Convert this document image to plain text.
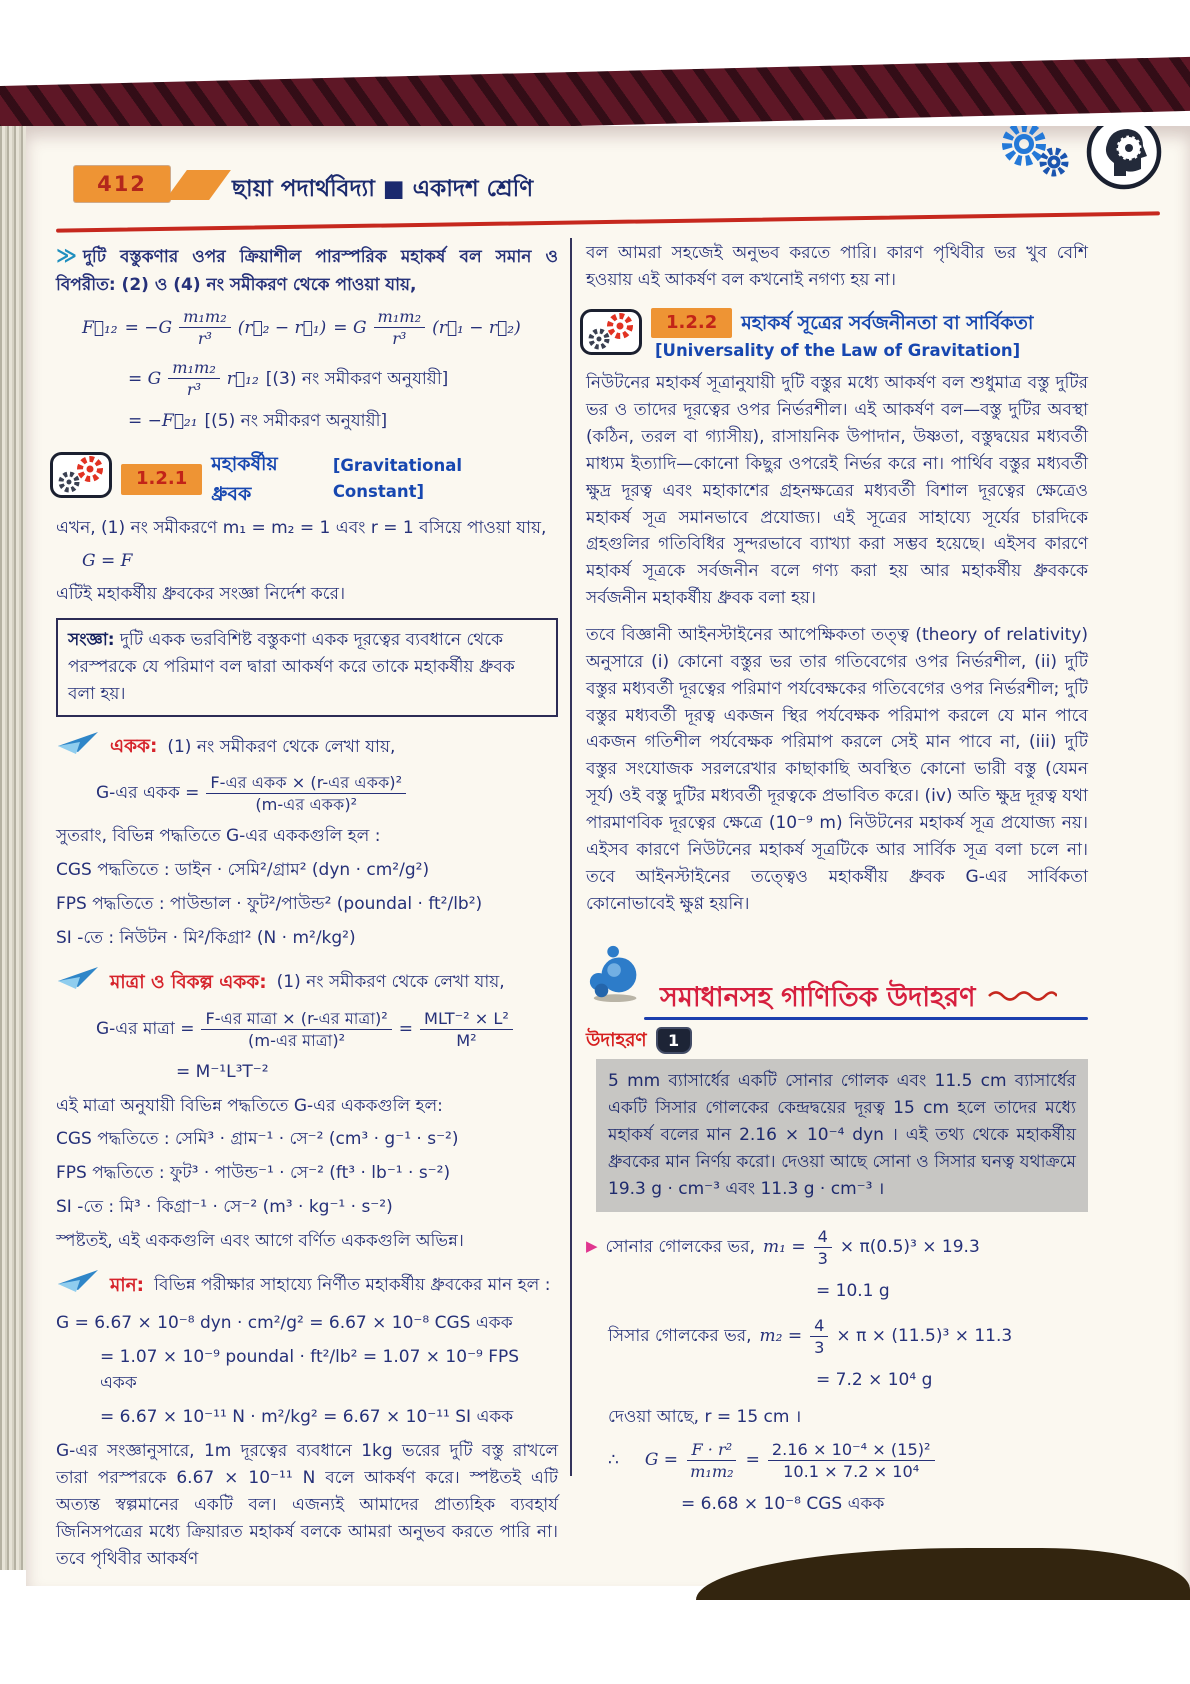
412	ছায়া পদার্থবিদ্যা ■ একাদশ শ্রেণি
≫ দুটি বস্তুকণার ওপর ক্রিয়াশীল পারস্পরিক মহাকর্ষ বল সমান ও বিপরীত: (2) ও (4) নং সমীকরণ থেকে পাওয়া যায়,
F⃗₁₂ = $-G \frac{\text{m₁m₂}}{\text{r³}}$ (r⃗₂ − r⃗₁) = G $\frac{\text{m₁m₂}}{\text{r³}}$ (r⃗₁ − r⃗₂)
= G $\frac{\text{m₁m₂}}{\text{r³}}$ r⃗₁₂ [(3) নং সমীকরণ অনুযায়ী]
= −F⃗₂₁ [(5) নং সমীকরণ অনুযায়ী]
1.2.1
মহাকর্ষীয় ধ্রুবক
[Gravitational Constant]
এখন, (1) নং সমীকরণে m₁ = m₂ = 1 এবং r = 1 বসিয়ে পাওয়া যায়,
G = F
এটিই মহাকর্ষীয় ধ্রুবকের সংজ্ঞা নির্দেশ করে।
সংজ্ঞা: দুটি একক ভরবিশিষ্ট বস্তুকণা একক দূরত্বের ব্যবধানে থেকে পরস্পরকে যে পরিমাণ বল দ্বারা আকর্ষণ করে তাকে মহাকর্ষীয় ধ্রুবক বলা হয়।
একক: (1) নং সমীকরণ থেকে লেখা যায়,
G-এর একক = $\frac{\text{F-এর একক × (r-এর একক)²}}{\text{(m-এর একক)²}}$
সুতরাং, বিভিন্ন পদ্ধতিতে G-এর এককগুলি হল :
CGS পদ্ধতিতে : ডাইন · সেমি²/গ্রাম² (dyn · cm²/g²)
FPS পদ্ধতিতে : পাউন্ডাল · ফুট²/পাউন্ড² (poundal · ft²/lb²)
SI -তে : নিউটন · মি²/কিগ্রা² (N · m²/kg²)
মাত্রা ও বিকল্প একক: (1) নং সমীকরণ থেকে লেখা যায়,
G-এর মাত্রা = $\frac{\text{F-এর মাত্রা × (r-এর মাত্রা)²}}{\text{(m-এর মাত্রা)²}} = \frac{\text{MLT⁻² × L²}}{\text{M²}}$
= M⁻¹L³T⁻²
এই মাত্রা অনুযায়ী বিভিন্ন পদ্ধতিতে G-এর এককগুলি হল:
CGS পদ্ধতিতে : সেমি³ · গ্রাম⁻¹ · সে⁻² (cm³ · g⁻¹ · s⁻²)
FPS পদ্ধতিতে : ফুট³ · পাউন্ড⁻¹ · সে⁻² (ft³ · lb⁻¹ · s⁻²)
SI -তে : মি³ · কিগ্রা⁻¹ · সে⁻² (m³ · kg⁻¹ · s⁻²)
স্পষ্টতই, এই এককগুলি এবং আগে বর্ণিত এককগুলি অভিন্ন।
মান: বিভিন্ন পরীক্ষার সাহায্যে নির্ণীত মহাকর্ষীয় ধ্রুবকের মান হল :
G = 6.67 × 10⁻⁸ dyn · cm²/g² = 6.67 × 10⁻⁸ CGS একক
= 1.07 × 10⁻⁹ poundal · ft²/lb² = 1.07 × 10⁻⁹ FPS একক
= 6.67 × 10⁻¹¹ N · m²/kg² = 6.67 × 10⁻¹¹ SI একক
G-এর সংজ্ঞানুসারে, 1m দূরত্বের ব্যবধানে 1kg ভরের দুটি বস্তু রাখলে তারা পরস্পরকে 6.67 × 10⁻¹¹ N বলে আকর্ষণ করে। স্পষ্টতই এটি অত্যন্ত স্বল্পমানের একটি বল। এজন্যই আমাদের প্রাত্যহিক ব্যবহার্য জিনিসপত্রের মধ্যে ক্রিয়ারত মহাকর্ষ বলকে আমরা অনুভব করতে পারি না। তবে পৃথিবীর আকর্ষণ
বল আমরা সহজেই অনুভব করতে পারি। কারণ পৃথিবীর ভর খুব বেশি হওয়ায় এই আকর্ষণ বল কখনোই নগণ্য হয় না।
1.2.2	মহাকর্ষ সূত্রের সর্বজনীনতা বা সার্বিকতা
[Universality of the Law of Gravitation]
নিউটনের মহাকর্ষ সূত্রানুযায়ী দুটি বস্তুর মধ্যে আকর্ষণ বল শুধুমাত্র বস্তু দুটির ভর ও তাদের দূরত্বের ওপর নির্ভরশীল। এই আকর্ষণ বল—বস্তু দুটির অবস্থা (কঠিন, তরল বা গ্যাসীয়), রাসায়নিক উপাদান, উষ্ণতা, বস্তুদ্বয়ের মধ্যবর্তী মাধ্যম ইত্যাদি—কোনো কিছুর ওপরেই নির্ভর করে না। পার্থিব বস্তুর মধ্যবর্তী ক্ষুদ্র দূরত্ব এবং মহাকাশের গ্রহনক্ষত্রের মধ্যবর্তী বিশাল দূরত্বের ক্ষেত্রেও মহাকর্ষ সূত্র সমানভাবে প্রযোজ্য। এই সূত্রের সাহায্যে সূর্যের চারদিকে গ্রহগুলির গতিবিধির সুন্দরভাবে ব্যাখ্যা করা সম্ভব হয়েছে। এইসব কারণে মহাকর্ষ সূত্রকে সর্বজনীন বলে গণ্য করা হয় আর মহাকর্ষীয় ধ্রুবককে সর্বজনীন মহাকর্ষীয় ধ্রুবক বলা হয়।
তবে বিজ্ঞানী আইনস্টাইনের আপেক্ষিকতা তত্ত্ব (theory of relativity) অনুসারে (i) কোনো বস্তুর ভর তার গতিবেগের ওপর নির্ভরশীল, (ii) দুটি বস্তুর মধ্যবর্তী দূরত্বের পরিমাণ পর্যবেক্ষকের গতিবেগের ওপর নির্ভরশীল; দুটি বস্তুর মধ্যবর্তী দূরত্ব একজন স্থির পর্যবেক্ষক পরিমাপ করলে যে মান পাবে একজন গতিশীল পর্যবেক্ষক পরিমাপ করলে সেই মান পাবে না, (iii) দুটি বস্তুর সংযোজক সরলরেখার কাছাকাছি অবস্থিত কোনো ভারী বস্তু (যেমন সূর্য) ওই বস্তু দুটির মধ্যবর্তী দূরত্বকে প্রভাবিত করে। (iv) অতি ক্ষুদ্র দূরত্ব যথা পারমাণবিক দূরত্বের ক্ষেত্রে (10⁻⁹ m) নিউটনের মহাকর্ষ সূত্র প্রযোজ্য নয়। এইসব কারণে নিউটনের মহাকর্ষ সূত্রটিকে আর সার্বিক সূত্র বলা চলে না। তবে আইনস্টাইনের তত্ত্বেও মহাকর্ষীয় ধ্রুবক G-এর সার্বিকতা কোনোভাবেই ক্ষুণ্ণ হয়নি।
সমাধানসহ গাণিতিক উদাহরণ
উদাহরণ	1
5 mm ব্যাসার্ধের একটি সোনার গোলক এবং 11.5 cm ব্যাসার্ধের একটি সিসার গোলকের কেন্দ্রদ্বয়ের দূরত্ব 15 cm হলে তাদের মধ্যে মহাকর্ষ বলের মান 2.16 × 10⁻⁴ dyn । এই তথ্য থেকে মহাকর্ষীয় ধ্রুবকের মান নির্ণয় করো। দেওয়া আছে সোনা ও সিসার ঘনত্ব যথাক্রমে 19.3 g · cm⁻³ এবং 11.3 g · cm⁻³ ।
▶ সোনার গোলকের ভর, $m_1 = \frac{4}{3} \times \pi(0.5)^3 \times 19.3$
= 10.1 g
সিসার গোলকের ভর, $m_2 = \frac{4}{3} \times \pi \times (11.5)^3 \times 11.3$
= 7.2 × 10⁴ g
দেওয়া আছে, r = 15 cm ।
∴ $G = \frac{\text{F · r²}}{\text{m₁m₂}} = \frac{\text{2.16 × 10⁻⁴ × (15)²}}{\text{10.1 × 7.2 × 10⁴}}$
= 6.68 × 10⁻⁸ CGS একক
